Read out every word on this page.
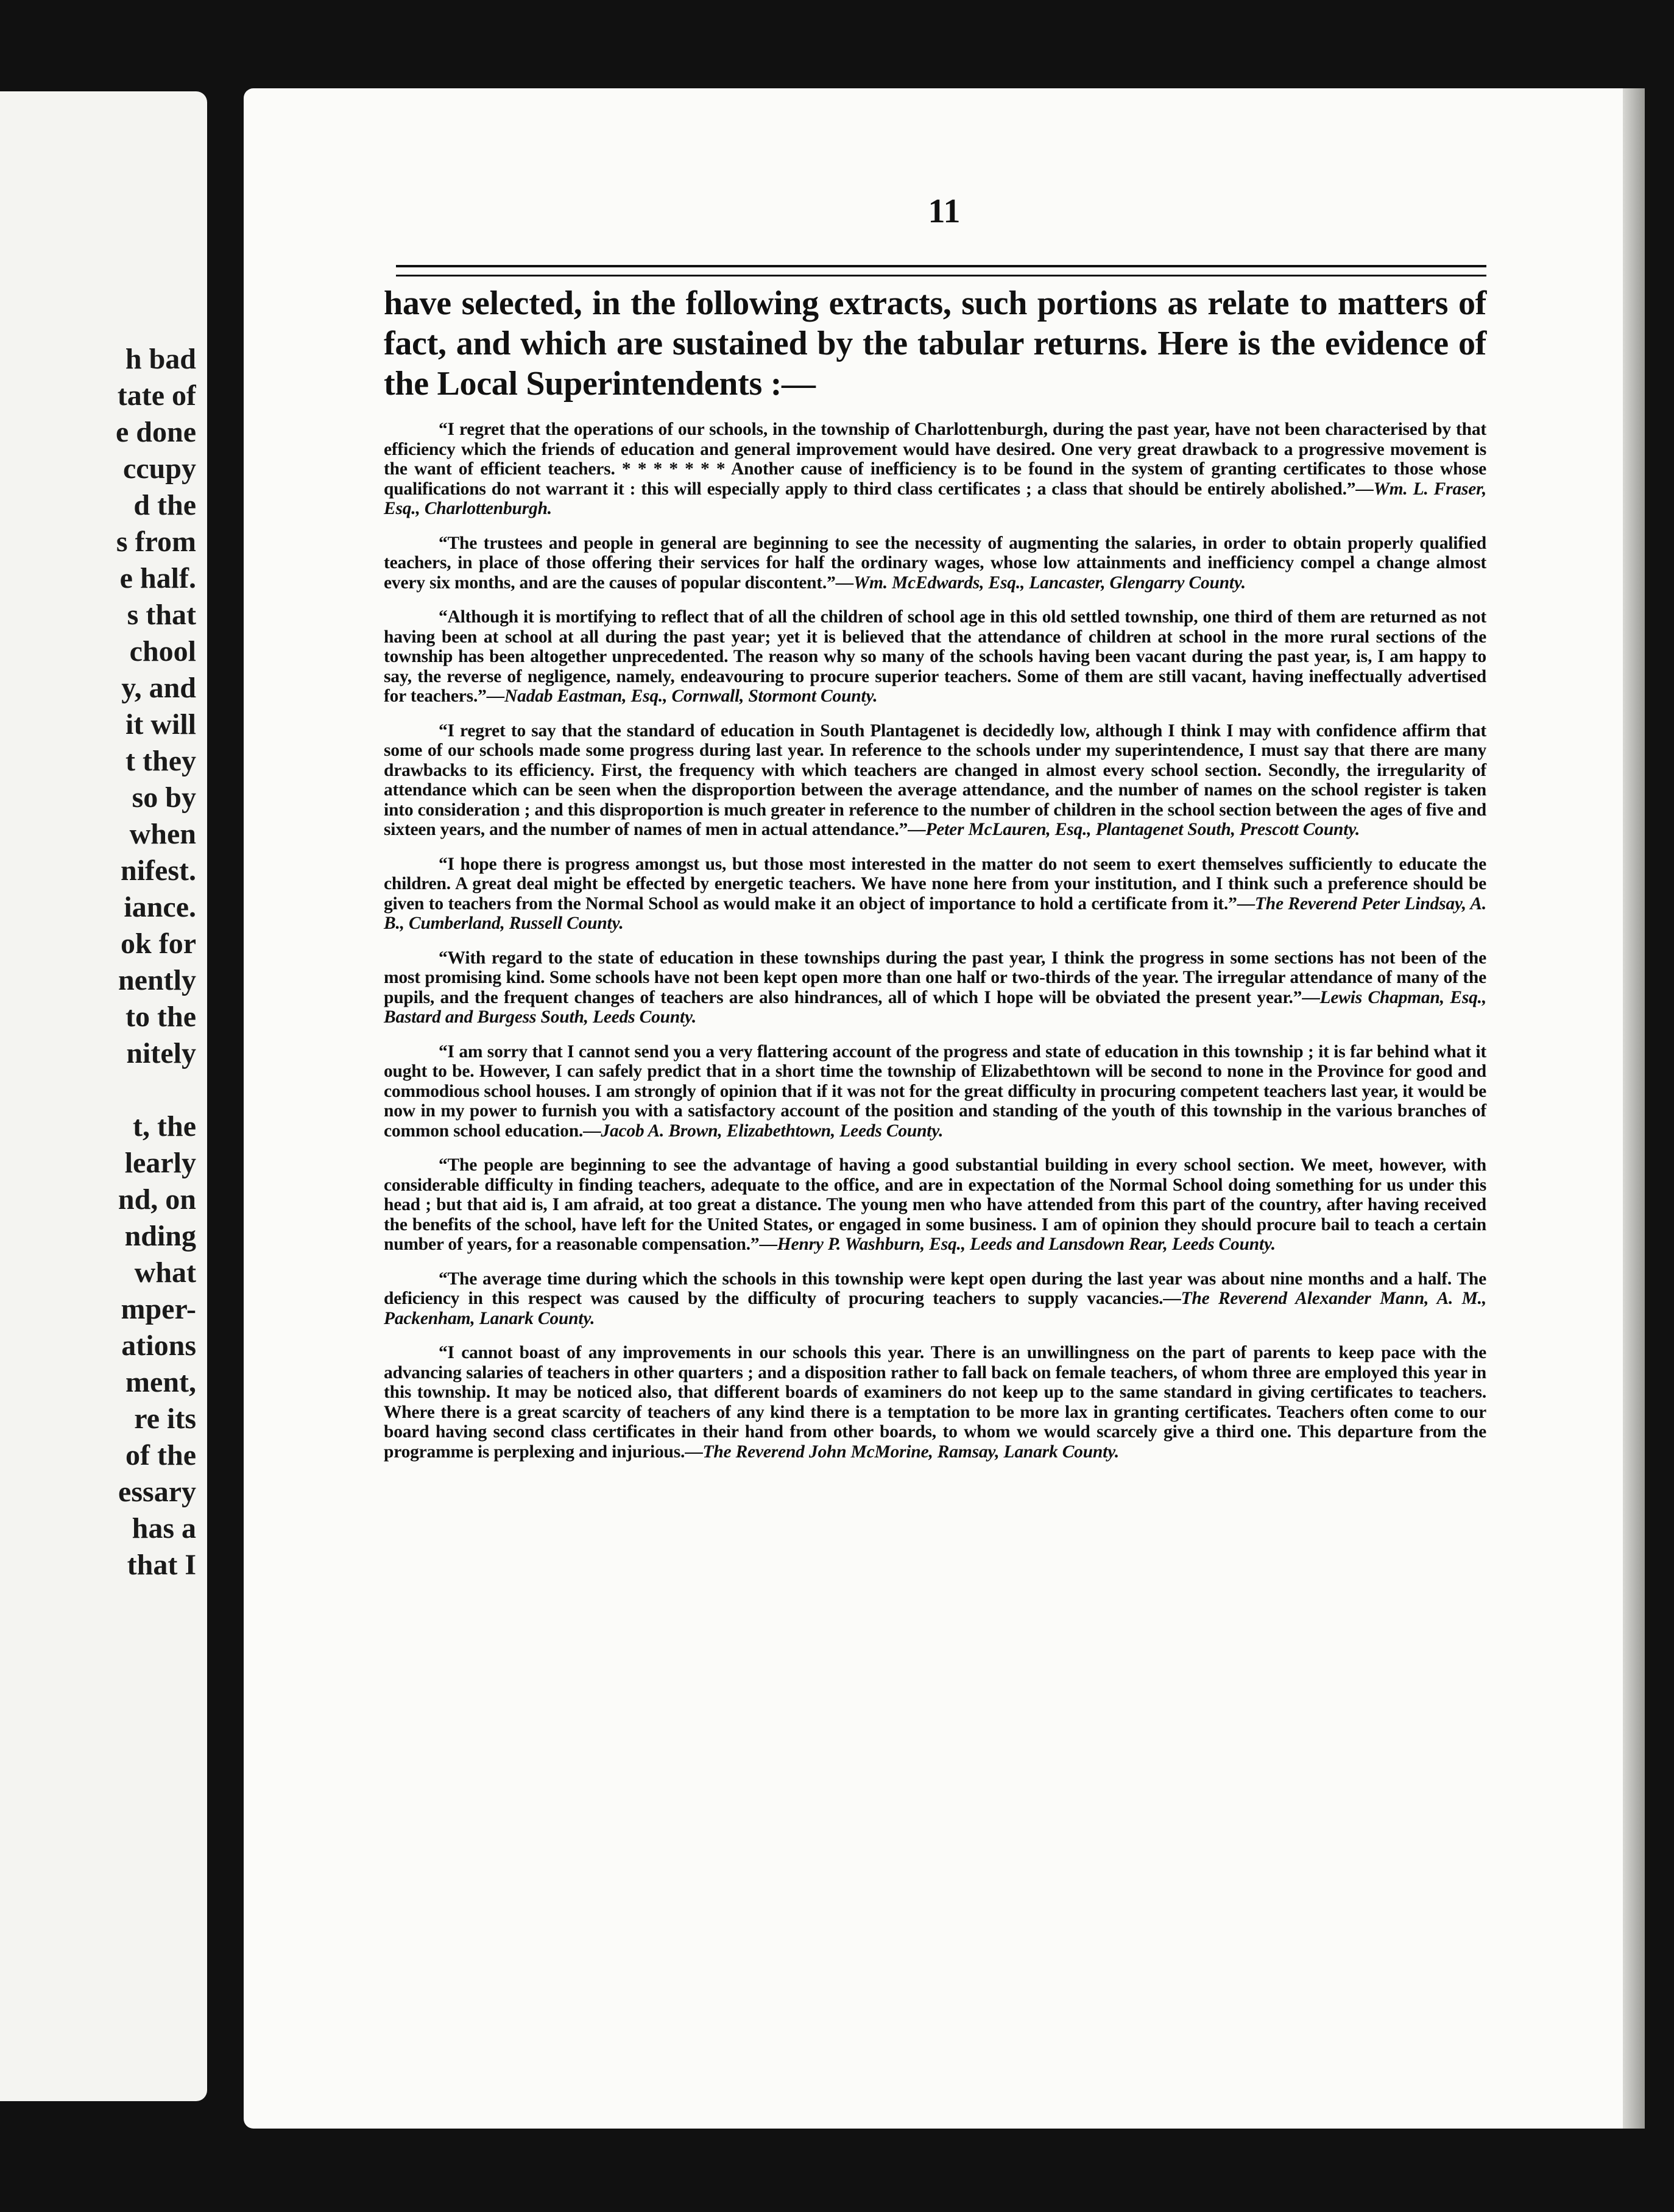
h bad
tate of
e done
ccupy
d the
s from
e half.
s that
chool
y, and
it will
t they
so by
when
nifest.
iance.
ok for
nently
to the
nitely
t, the
learly
nd, on
nding
what
mper-
ations
ment,
re its
of the
essary
has a
that I
11

have selected, in the following extracts, such portions as relate to matters of fact, and which are sustained by the tabular returns. Here is the evidence of the Local Superintendents :—

“I regret that the operations of our schools, in the township of Charlottenburgh, during the past year, have not been characterised by that efficiency which the friends of education and general improvement would have desired. One very great drawback to a progressive movement is the want of efficient teachers. * * * * * * * Another cause of inefficiency is to be found in the system of granting certificates to those whose qualifications do not warrant it : this will especially apply to third class certificates ; a class that should be entirely abolished.”—Wm. L. Fraser, Esq., Charlottenburgh.

“The trustees and people in general are beginning to see the necessity of augmenting the salaries, in order to obtain properly qualified teachers, in place of those offering their services for half the ordinary wages, whose low attainments and inefficiency compel a change almost every six months, and are the causes of popular discontent.”—Wm. McEdwards, Esq., Lancaster, Glengarry County.

“Although it is mortifying to reflect that of all the children of school age in this old settled township, one third of them are returned as not having been at school at all during the past year; yet it is believed that the attendance of children at school in the more rural sections of the township has been altogether unprecedented. The reason why so many of the schools having been vacant during the past year, is, I am happy to say, the reverse of negligence, namely, endeavouring to procure superior teachers. Some of them are still vacant, having ineffectually advertised for teachers.”—Nadab Eastman, Esq., Cornwall, Stormont County.

“I regret to say that the standard of education in South Plantagenet is decidedly low, although I think I may with confidence affirm that some of our schools made some progress during last year. In reference to the schools under my superintendence, I must say that there are many drawbacks to its efficiency. First, the frequency with which teachers are changed in almost every school section. Secondly, the irregularity of attendance which can be seen when the disproportion between the average attendance, and the number of names on the school register is taken into consideration ; and this disproportion is much greater in reference to the number of children in the school section between the ages of five and sixteen years, and the number of names of men in actual attendance.”—Peter McLauren, Esq., Plantagenet South, Prescott County.

“I hope there is progress amongst us, but those most interested in the matter do not seem to exert themselves sufficiently to educate the children. A great deal might be effected by energetic teachers. We have none here from your institution, and I think such a preference should be given to teachers from the Normal School as would make it an object of importance to hold a certificate from it.”—The Reverend Peter Lindsay, A. B., Cumberland, Russell County.

“With regard to the state of education in these townships during the past year, I think the progress in some sections has not been of the most promising kind. Some schools have not been kept open more than one half or two-thirds of the year. The irregular attendance of many of the pupils, and the frequent changes of teachers are also hindrances, all of which I hope will be obviated the present year.”—Lewis Chapman, Esq., Bastard and Burgess South, Leeds County.

“I am sorry that I cannot send you a very flattering account of the progress and state of education in this township ; it is far behind what it ought to be. However, I can safely predict that in a short time the township of Elizabethtown will be second to none in the Province for good and commodious school houses. I am strongly of opinion that if it was not for the great difficulty in procuring competent teachers last year, it would be now in my power to furnish you with a satisfactory account of the position and standing of the youth of this township in the various branches of common school education.—Jacob A. Brown, Elizabethtown, Leeds County.

“The people are beginning to see the advantage of having a good substantial building in every school section. We meet, however, with considerable difficulty in finding teachers, adequate to the office, and are in expectation of the Normal School doing something for us under this head ; but that aid is, I am afraid, at too great a distance. The young men who have attended from this part of the country, after having received the benefits of the school, have left for the United States, or engaged in some business. I am of opinion they should procure bail to teach a certain number of years, for a reasonable compensation.”—Henry P. Washburn, Esq., Leeds and Lansdown Rear, Leeds County.

“The average time during which the schools in this township were kept open during the last year was about nine months and a half. The deficiency in this respect was caused by the difficulty of procuring teachers to supply vacancies.—The Reverend Alexander Mann, A. M., Packenham, Lanark County.

“I cannot boast of any improvements in our schools this year. There is an unwillingness on the part of parents to keep pace with the advancing salaries of teachers in other quarters ; and a disposition rather to fall back on female teachers, of whom three are employed this year in this township. It may be noticed also, that different boards of examiners do not keep up to the same standard in giving certificates to teachers. Where there is a great scarcity of teachers of any kind there is a temptation to be more lax in granting certificates. Teachers often come to our board having second class certificates in their hand from other boards, to whom we would scarcely give a third one. This departure from the programme is perplexing and injurious.—The Reverend John McMorine, Ramsay, Lanark County.
